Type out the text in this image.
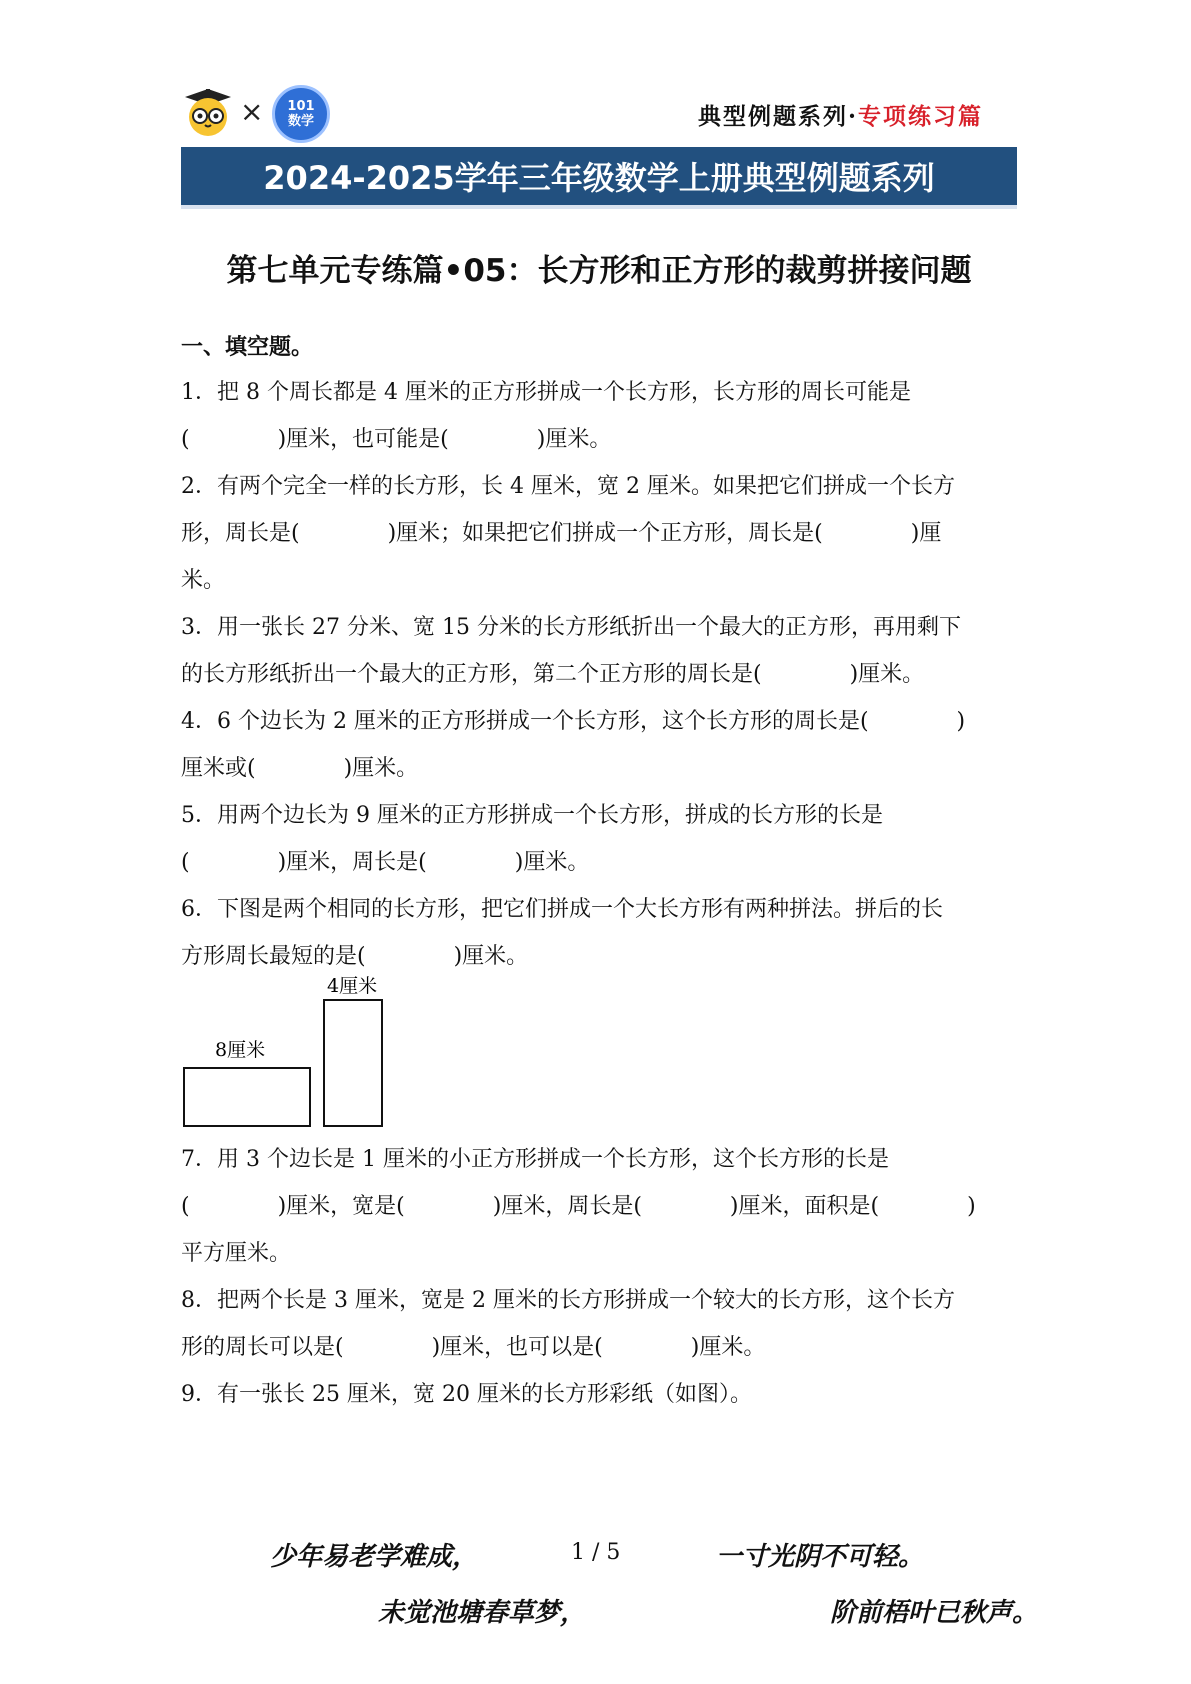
×	101
数学	典型例题系列·专项练习篇
2024-2025学年三年级数学上册典型例题系列
第七单元专练篇•05：长方形和正方形的裁剪拼接问题
一、填空题。
1．把 8 个周长都是 4 厘米的正方形拼成一个长方形，长方形的周长可能是
(　　　　)厘米，也可能是(　　　　)厘米。
2．有两个完全一样的长方形，长 4 厘米，宽 2 厘米。如果把它们拼成一个长方
形，周长是(　　　　)厘米；如果把它们拼成一个正方形，周长是(　　　　)厘
米。
3．用一张长 27 分米、宽 15 分米的长方形纸折出一个最大的正方形，再用剩下
的长方形纸折出一个最大的正方形，第二个正方形的周长是(　　　　)厘米。
4．6 个边长为 2 厘米的正方形拼成一个长方形，这个长方形的周长是(　　　　)
厘米或(　　　　)厘米。
5．用两个边长为 9 厘米的正方形拼成一个长方形，拼成的长方形的长是
(　　　　)厘米，周长是(　　　　)厘米。
6．下图是两个相同的长方形，把它们拼成一个大长方形有两种拼法。拼后的长
方形周长最短的是(　　　　)厘米。
8厘米
4厘米
7．用 3 个边长是 1 厘米的小正方形拼成一个长方形，这个长方形的长是
(　　　　)厘米，宽是(　　　　)厘米，周长是(　　　　)厘米，面积是(　　　　)
平方厘米。
8．把两个长是 3 厘米，宽是 2 厘米的长方形拼成一个较大的长方形，这个长方
形的周长可以是(　　　　)厘米，也可以是(　　　　)厘米。
9．有一张长 25 厘米，宽 20 厘米的长方形彩纸（如图）。
少年易老学难成，	1 / 5	一寸光阴不可轻。
未觉池塘春草梦，	阶前梧叶已秋声。
